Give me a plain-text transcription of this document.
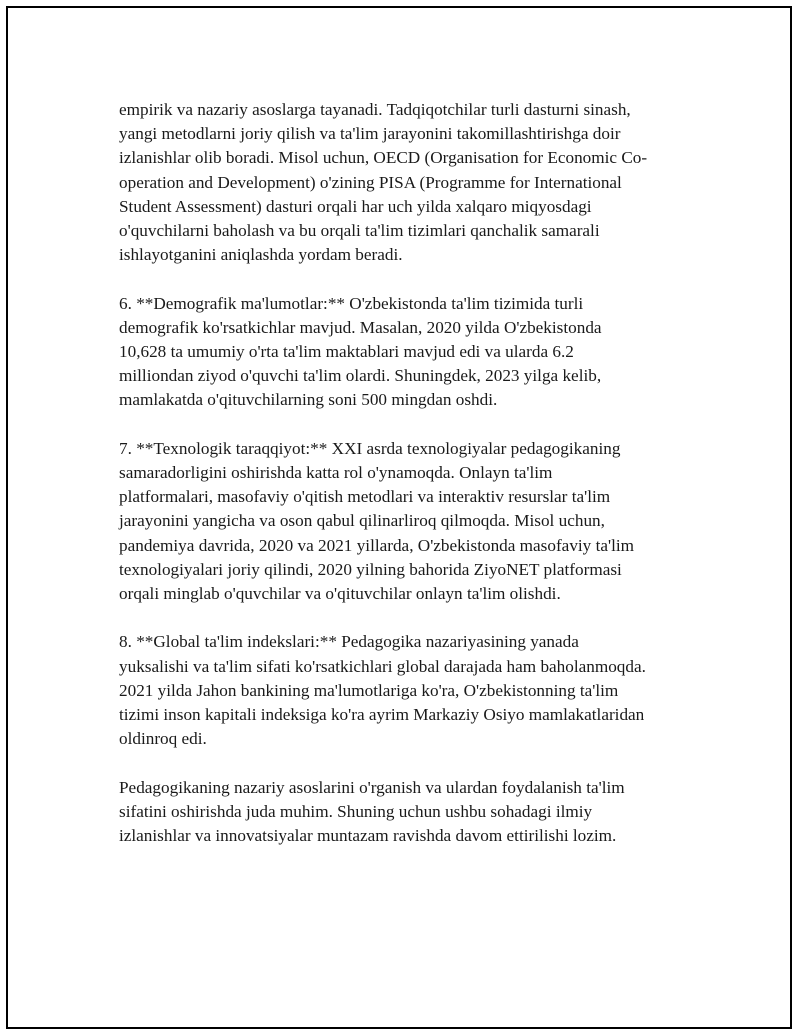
empirik va nazariy asoslarga tayanadi. Tadqiqotchilar turli dasturni sinash,
yangi metodlarni joriy qilish va ta'lim jarayonini takomillashtirishga doir
izlanishlar olib boradi. Misol uchun, OECD (Organisation for Economic Co-
operation and Development) o'zining PISA (Programme for International
Student Assessment) dasturi orqali har uch yilda xalqaro miqyosdagi
o'quvchilarni baholash va bu orqali ta'lim tizimlari qanchalik samarali
ishlayotganini aniqlashda yordam beradi.

6. **Demografik ma'lumotlar:** O'zbekistonda ta'lim tizimida turli
demografik ko'rsatkichlar mavjud. Masalan, 2020 yilda O'zbekistonda
10,628 ta umumiy o'rta ta'lim maktablari mavjud edi va ularda 6.2
milliondan ziyod o'quvchi ta'lim olardi. Shuningdek, 2023 yilga kelib,
mamlakatda o'qituvchilarning soni 500 mingdan oshdi.

7. **Texnologik taraqqiyot:** XXI asrda texnologiyalar pedagogikaning
samaradorligini oshirishda katta rol o'ynamoqda. Onlayn ta'lim
platformalari, masofaviy o'qitish metodlari va interaktiv resurslar ta'lim
jarayonini yangicha va oson qabul qilinarliroq qilmoqda. Misol uchun,
pandemiya davrida, 2020 va 2021 yillarda, O'zbekistonda masofaviy ta'lim
texnologiyalari joriy qilindi, 2020 yilning bahorida ZiyoNET platformasi
orqali minglab o'quvchilar va o'qituvchilar onlayn ta'lim olishdi.

8. **Global ta'lim indekslari:** Pedagogika nazariyasining yanada
yuksalishi va ta'lim sifati ko'rsatkichlari global darajada ham baholanmoqda.
2021 yilda Jahon bankining ma'lumotlariga ko'ra, O'zbekistonning ta'lim
tizimi inson kapitali indeksiga ko'ra ayrim Markaziy Osiyo mamlakatlaridan
oldinroq edi.

Pedagogikaning nazariy asoslarini o'rganish va ulardan foydalanish ta'lim
sifatini oshirishda juda muhim. Shuning uchun ushbu sohadagi ilmiy
izlanishlar va innovatsiyalar muntazam ravishda davom ettirilishi lozim.
